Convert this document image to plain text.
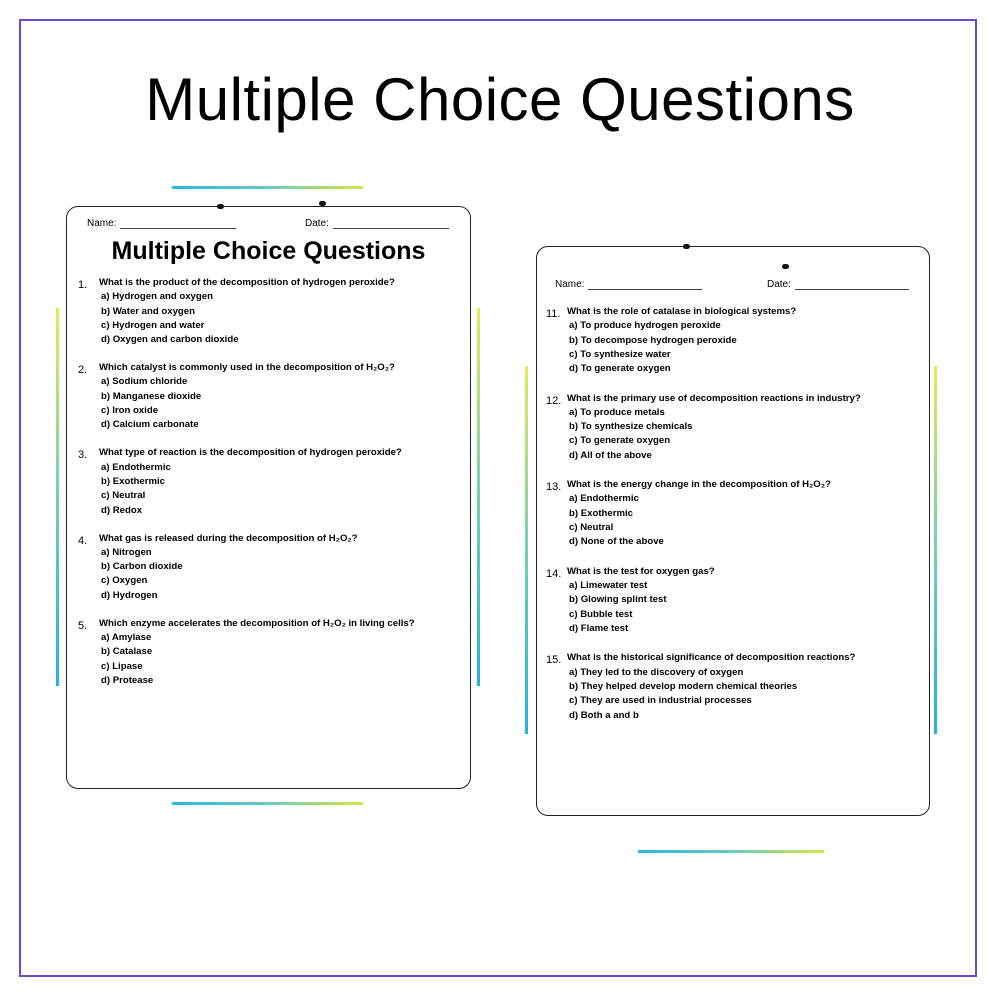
Multiple Choice Questions
Name:	Date:
Multiple Choice Questions
1. What is the product of the decomposition of hydrogen peroxide?
a) Hydrogen and oxygen
b) Water and oxygen
c) Hydrogen and water
d) Oxygen and carbon dioxide
2. Which catalyst is commonly used in the decomposition of H₂O₂?
a) Sodium chloride
b) Manganese dioxide
c) Iron oxide
d) Calcium carbonate
3. What type of reaction is the decomposition of hydrogen peroxide?
a) Endothermic
b) Exothermic
c) Neutral
d) Redox
4. What gas is released during the decomposition of H₂O₂?
a) Nitrogen
b) Carbon dioxide
c) Oxygen
d) Hydrogen
5. Which enzyme accelerates the decomposition of H₂O₂ in living cells?
a) Amylase
b) Catalase
c) Lipase
d) Protease
Name:	Date:
11. What is the role of catalase in biological systems?
a) To produce hydrogen peroxide
b) To decompose hydrogen peroxide
c) To synthesize water
d) To generate oxygen
12. What is the primary use of decomposition reactions in industry?
a) To produce metals
b) To synthesize chemicals
c) To generate oxygen
d) All of the above
13. What is the energy change in the decomposition of H₂O₂?
a) Endothermic
b) Exothermic
c) Neutral
d) None of the above
14. What is the test for oxygen gas?
a) Limewater test
b) Glowing splint test
c) Bubble test
d) Flame test
15. What is the historical significance of decomposition reactions?
a) They led to the discovery of oxygen
b) They helped develop modern chemical theories
c) They are used in industrial processes
d) Both a and b
